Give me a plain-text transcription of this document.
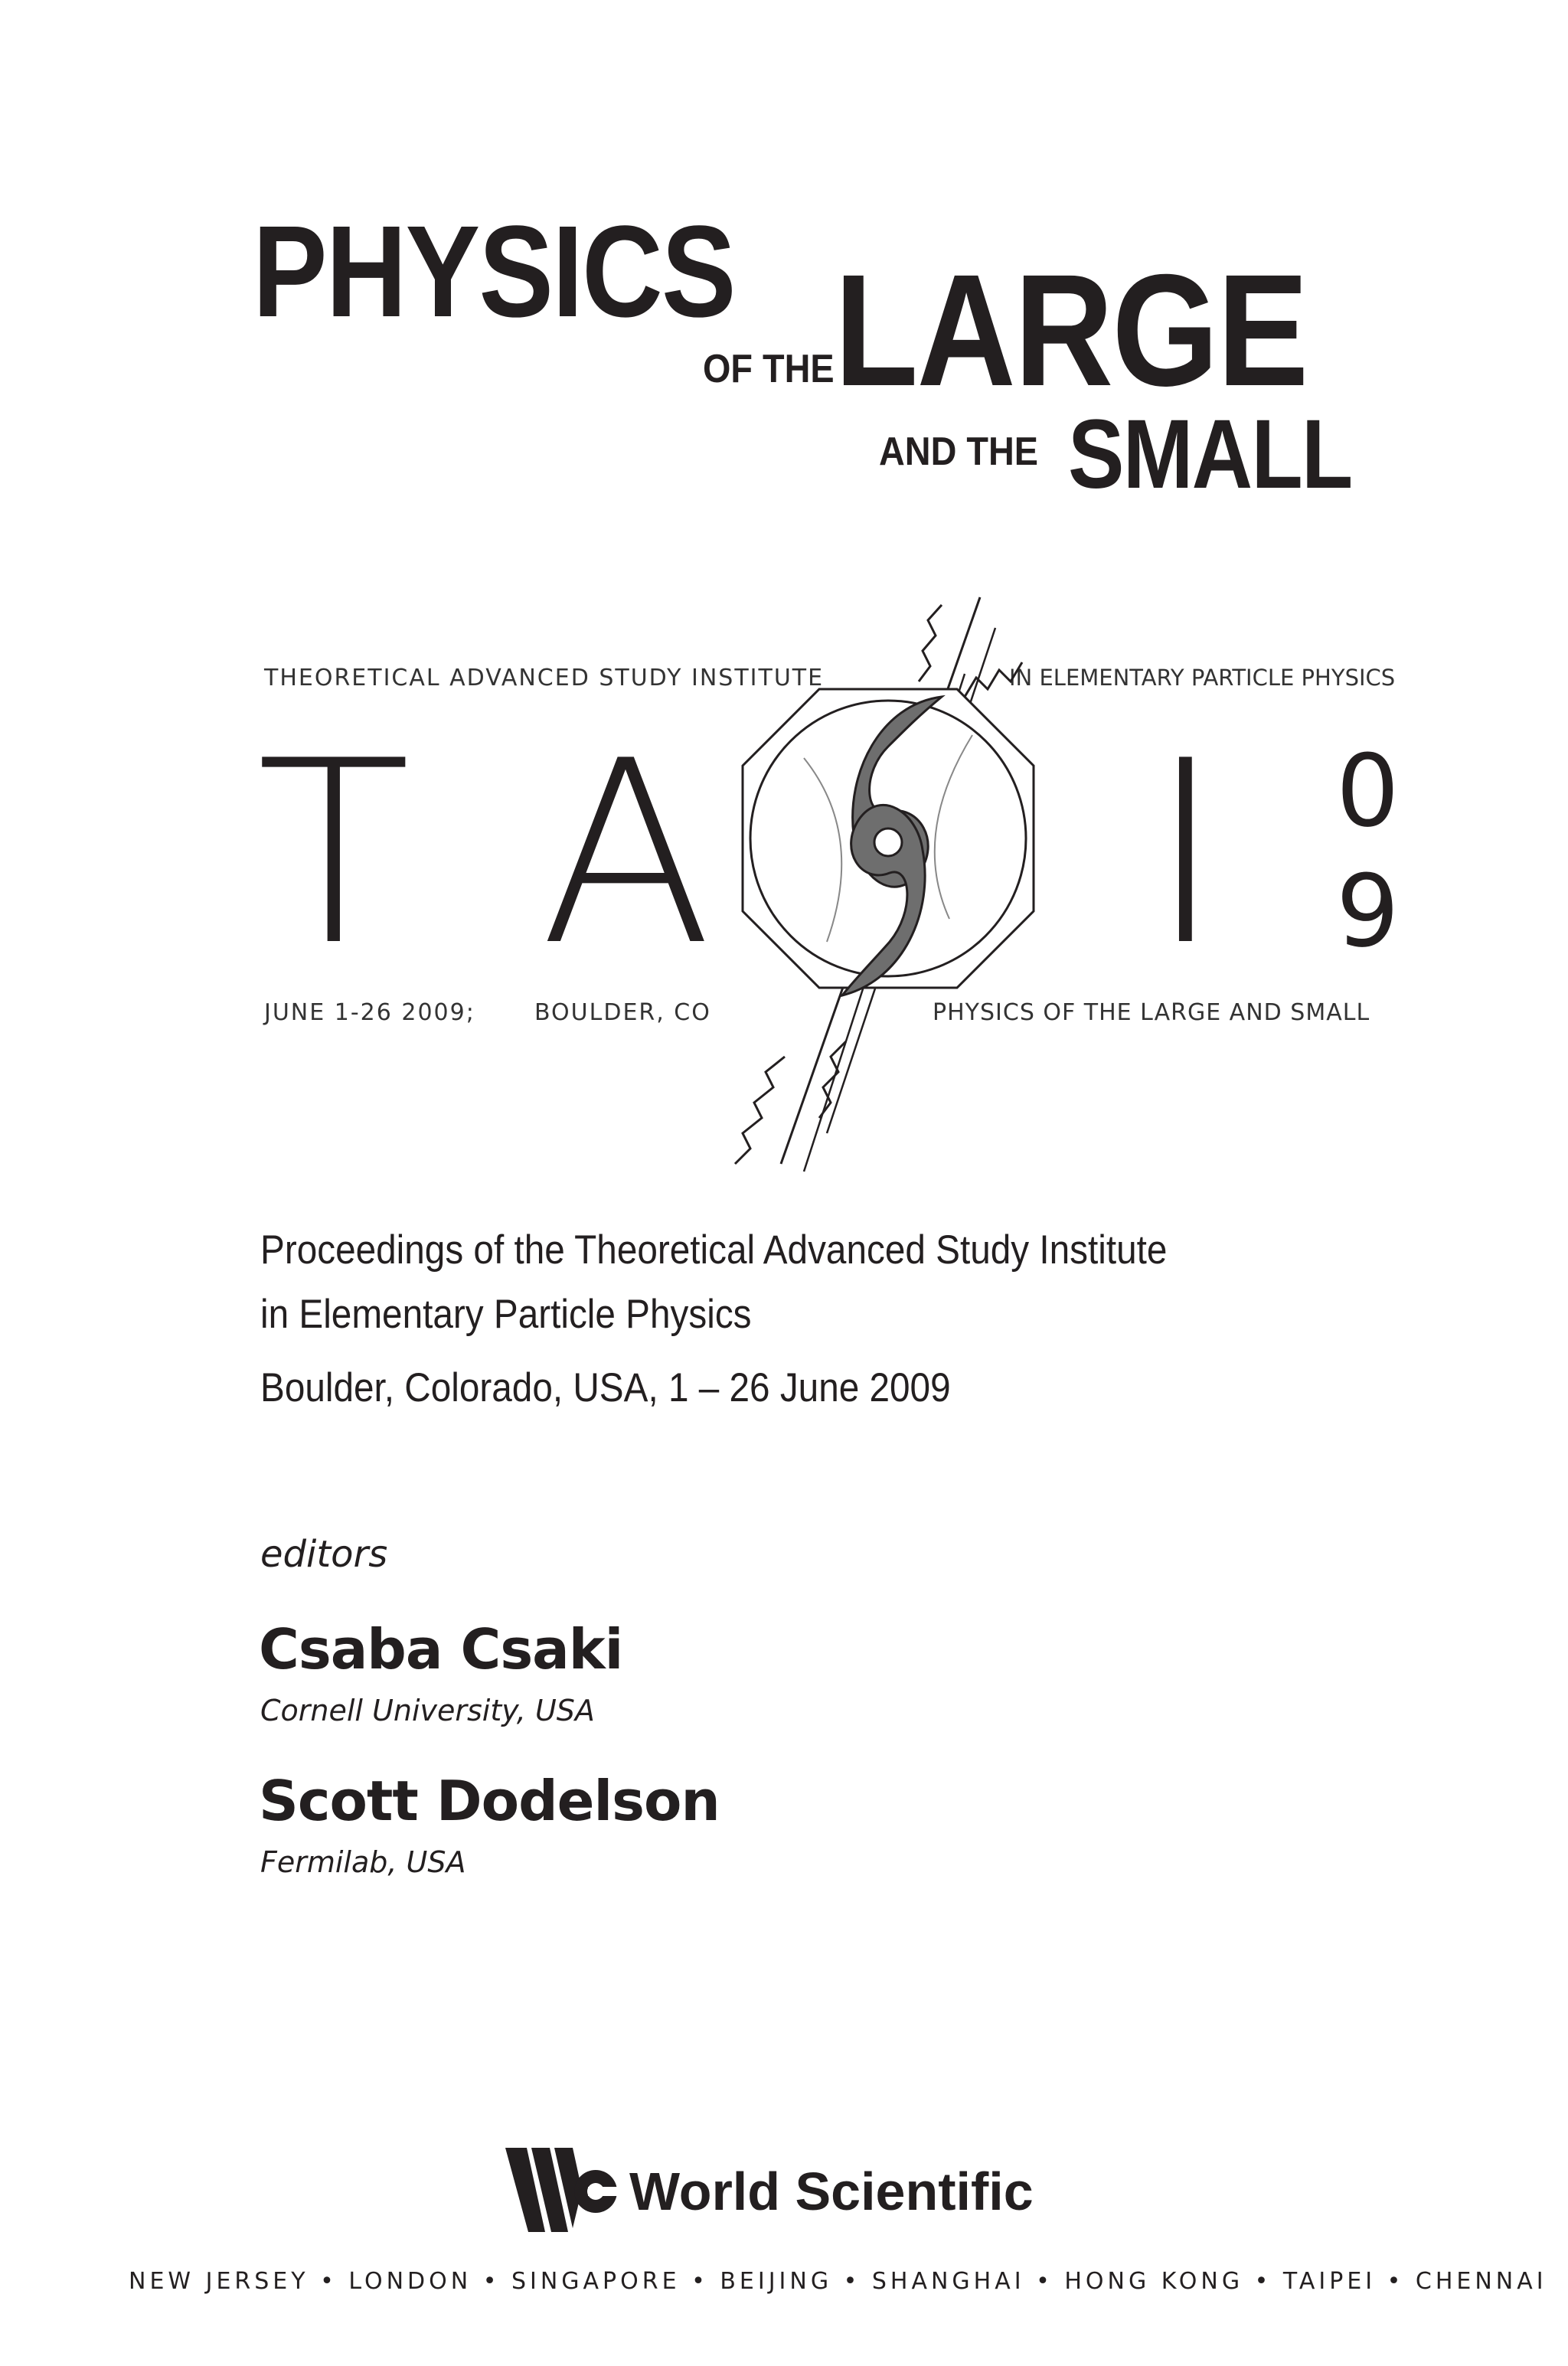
PHYSICS
OF THE LARGE
AND THE SMALL
THEORETICAL ADVANCED STUDY INSTITUTE	IN ELEMENTARY PARTICLE PHYSICS
T A I 0
9
JUNE 1-26 2009;	BOULDER, CO	PHYSICS OF THE LARGE AND SMALL
Proceedings of the Theoretical Advanced Study Institute
in Elementary Particle Physics
Boulder, Colorado, USA, 1 – 26 June 2009
editors
Csaba Csaki
Cornell University, USA
Scott Dodelson
Fermilab, USA
World Scientific
NEW JERSEY • LONDON • SINGAPORE • BEIJING • SHANGHAI • HONG KONG • TAIPEI • CHENNAI
